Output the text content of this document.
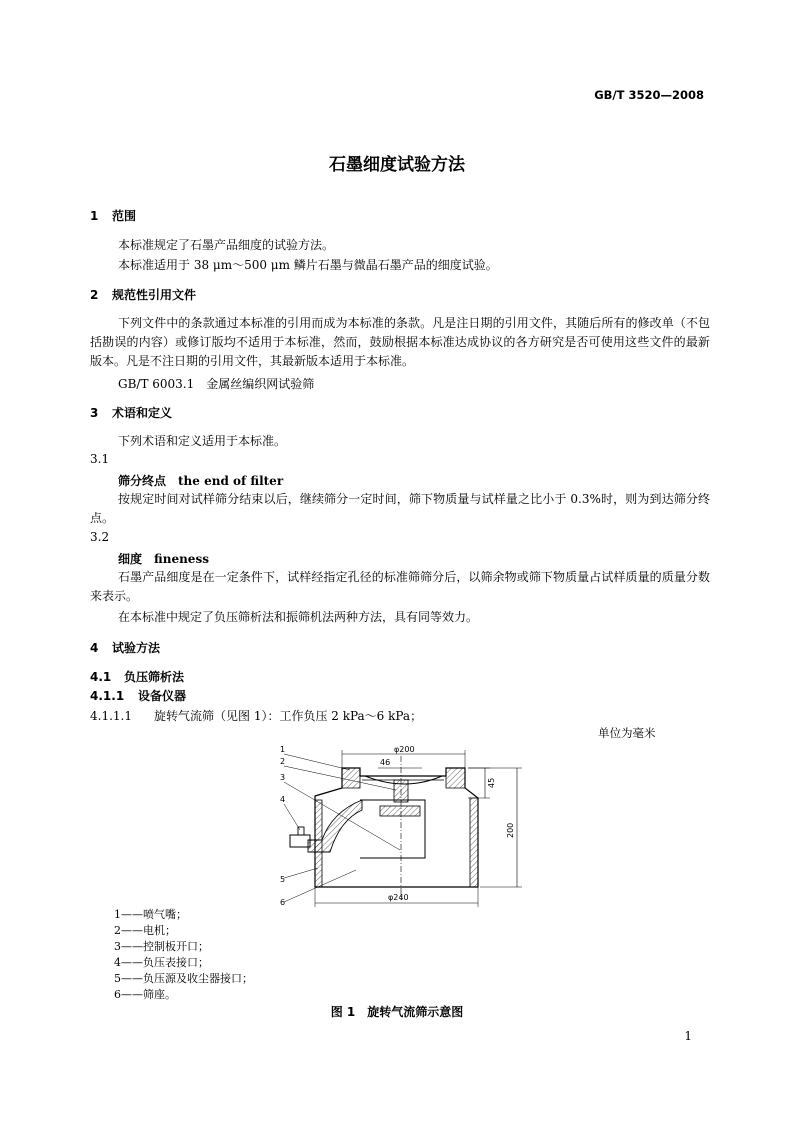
GB/T 3520—2008
石墨细度试验方法
1 范围
本标准规定了石墨产品细度的试验方法。
本标准适用于 38 μm～500 μm 鳞片石墨与微晶石墨产品的细度试验。
2 规范性引用文件
下列文件中的条款通过本标准的引用而成为本标准的条款。凡是注日期的引用文件，其随后所有的修改单（不包括勘误的内容）或修订版均不适用于本标准，然而，鼓励根据本标准达成协议的各方研究是否可使用这些文件的最新版本。凡是不注日期的引用文件，其最新版本适用于本标准。
GB/T 6003.1　金属丝编织网试验筛
3 术语和定义
下列术语和定义适用于本标准。
3.1
筛分终点　the end of filter
按规定时间对试样筛分结束以后，继续筛分一定时间，筛下物质量与试样量之比小于 0.3%时，则为到达筛分终点。
3.2
细度　fineness
石墨产品细度是在一定条件下，试样经指定孔径的标准筛筛分后，以筛余物或筛下物质量占试样质量的质量分数来表示。
在本标准中规定了负压筛析法和振筛机法两种方法，具有同等效力。
4 试验方法
4.1 负压筛析法
4.1.1 设备仪器
4.1.1.1 旋转气流筛（见图 1）：工作负压 2 kPa～6 kPa；
单位为毫米
φ200
46
45
200
φ240
1
2
3
4
5
6
1——喷气嘴；
2——电机；
3——控制板开口；
4——负压表接口；
5——负压源及收尘器接口；
6——筛座。
图 1　旋转气流筛示意图
1
